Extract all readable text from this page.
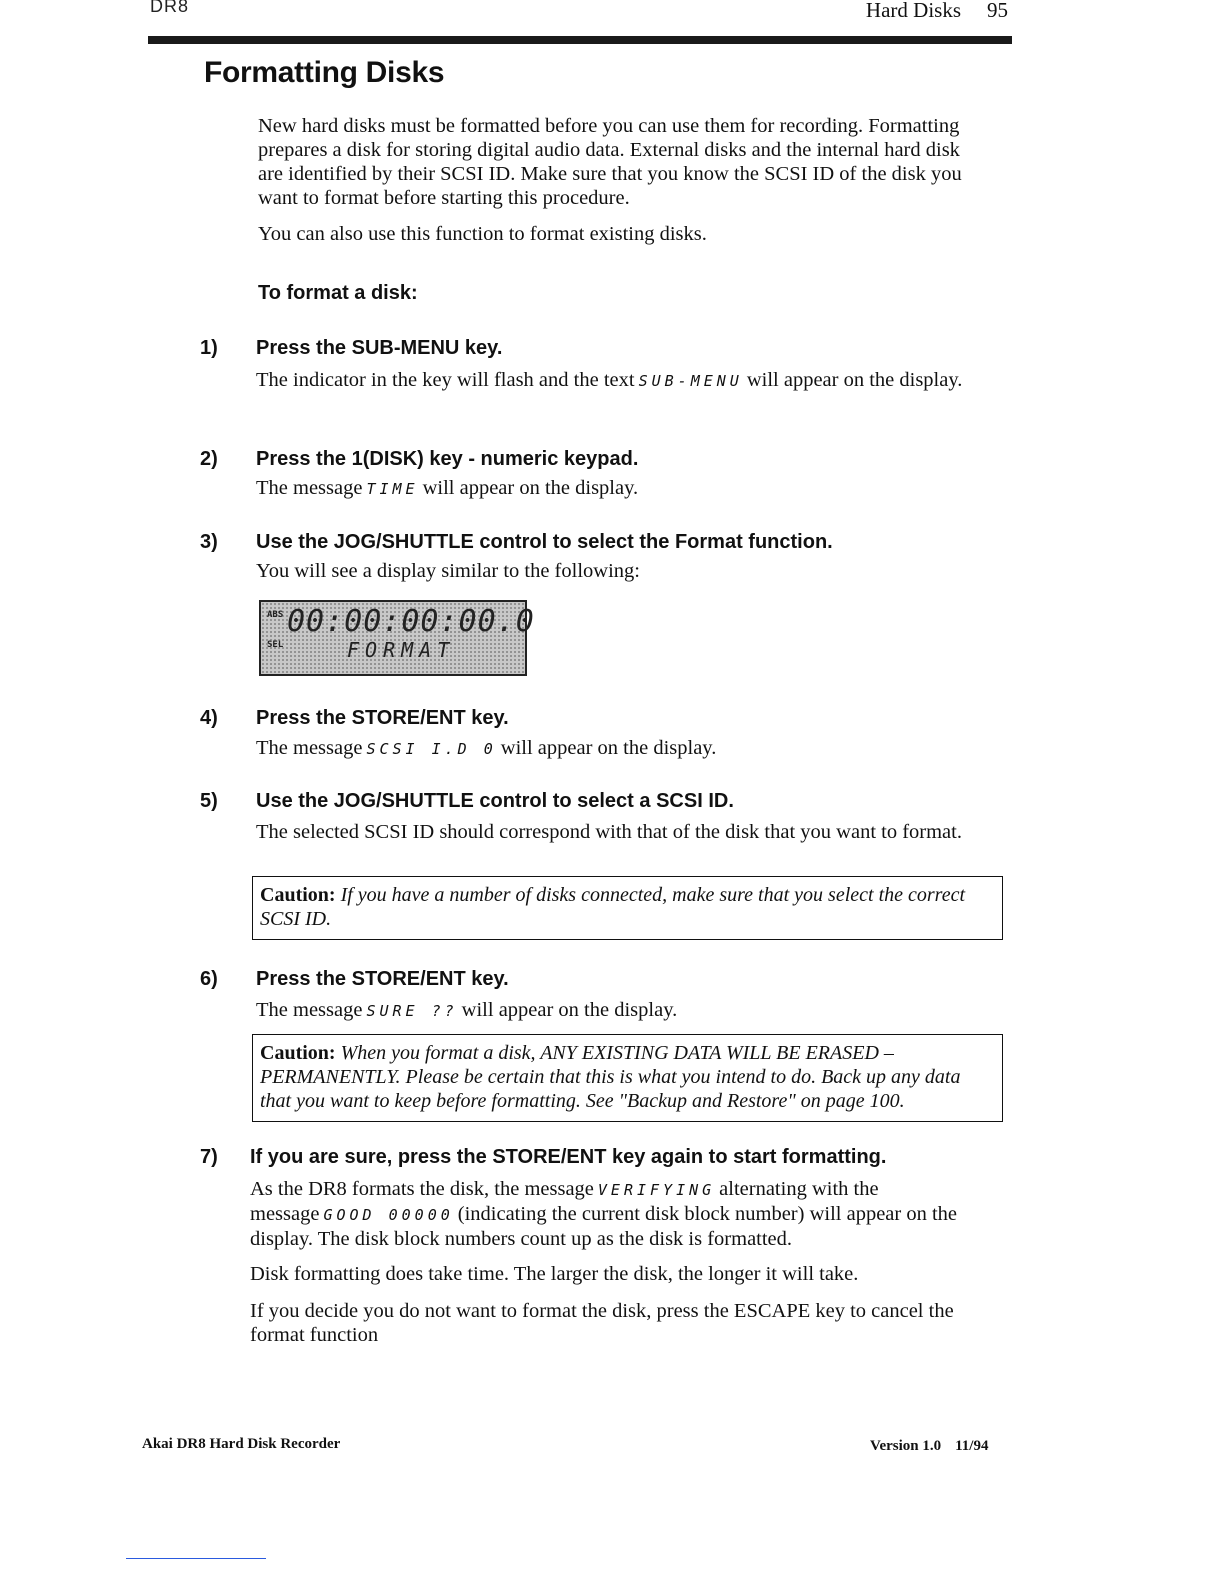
DR8	Hard Disks 95
Formatting Disks
New hard disks must be formatted before you can use them for recording. Formatting prepares a disk for storing digital audio data. External disks and the internal hard disk are identified by their SCSI ID. Make sure that you know the SCSI ID of the disk you want to format before starting this procedure.
You can also use this function to format existing disks.
To format a disk:
1) Press the SUB-MENU key.
The indicator in the key will flash and the text SUB-MENU will appear on the display.
2) Press the 1(DISK) key - numeric keypad.
The message TIME will appear on the display.
3) Use the JOG/SHUTTLE control to select the Format function.
You will see a display similar to the following:
ABS
SEL
00:00:00:00.0
FORMAT
4) Press the STORE/ENT key.
The message SCSI I.D 0 will appear on the display.
5) Use the JOG/SHUTTLE control to select a SCSI ID.
The selected SCSI ID should correspond with that of the disk that you want to format.
Caution: If you have a number of disks connected, make sure that you select the correct SCSI ID.
6) Press the STORE/ENT key.
The message SURE ?? will appear on the display.
Caution: When you format a disk, ANY EXISTING DATA WILL BE ERASED – PERMANENTLY. Please be certain that this is what you intend to do. Back up any data that you want to keep before formatting. See "Backup and Restore" on page 100.
7) If you are sure, press the STORE/ENT key again to start formatting.
As the DR8 formats the disk, the message VERIFYING alternating with the message GOOD 00000 (indicating the current disk block number) will appear on the display. The disk block numbers count up as the disk is formatted.
Disk formatting does take time. The larger the disk, the longer it will take.
If you decide you do not want to format the disk, press the ESCAPE key to cancel the format function
Akai DR8 Hard Disk Recorder	Version 1.0 11/94
